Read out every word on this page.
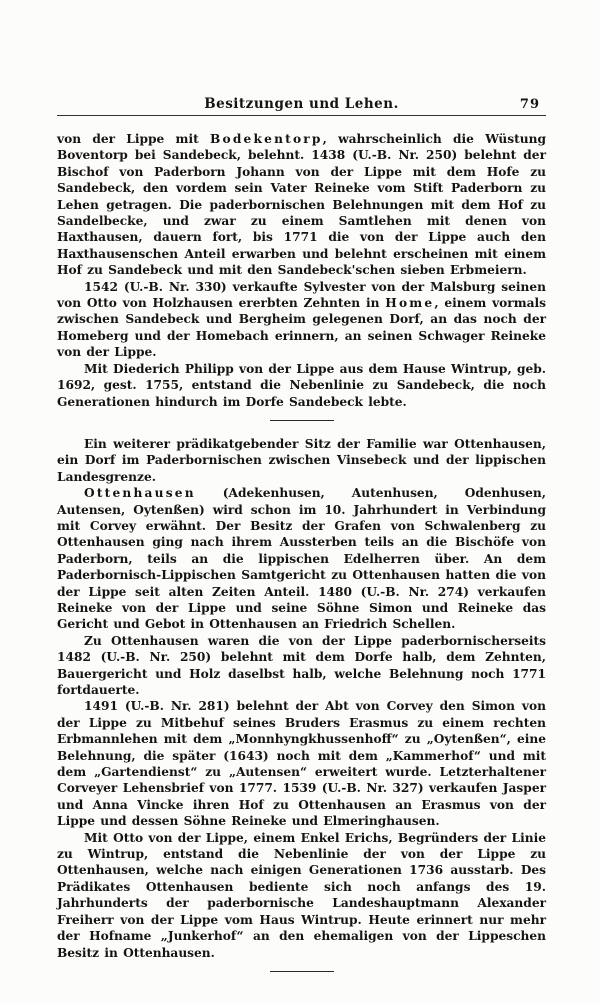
Besitzungen und Lehen.	79

von der Lippe mit Bodekentorp, wahrscheinlich die Wüstung Boventorp bei Sandebeck, belehnt. 1438 (U.-B. Nr. 250) belehnt der Bischof von Paderborn Johann von der Lippe mit dem Hofe zu Sandebeck, den vordem sein Vater Reineke vom Stift Paderborn zu Lehen getragen. Die paderbornischen Belehnungen mit dem Hof zu Sandelbecke, und zwar zu einem Samtlehen mit denen von Haxthausen, dauern fort, bis 1771 die von der Lippe auch den Haxthausenschen Anteil erwarben und belehnt erscheinen mit einem Hof zu Sandebeck und mit den Sandebeck'schen sieben Erbmeiern.

1542 (U.-B. Nr. 330) verkaufte Sylvester von der Malsburg seinen von Otto von Holzhausen ererbten Zehnten in Home, einem vormals zwischen Sandebeck und Bergheim gelegenen Dorf, an das noch der Homeberg und der Homebach erinnern, an seinen Schwager Reineke von der Lippe.

Mit Diederich Philipp von der Lippe aus dem Hause Wintrup, geb. 1692, gest. 1755, entstand die Nebenlinie zu Sandebeck, die noch Generationen hindurch im Dorfe Sandebeck lebte.

Ein weiterer prädikatgebender Sitz der Familie war Ottenhausen, ein Dorf im Paderbornischen zwischen Vinsebeck und der lippischen Landesgrenze.

Ottenhausen (Adekenhusen, Autenhusen, Odenhusen, Autensen, Oytenßen) wird schon im 10. Jahrhundert in Verbindung mit Corvey erwähnt. Der Besitz der Grafen von Schwalenberg zu Ottenhausen ging nach ihrem Aussterben teils an die Bischöfe von Paderborn, teils an die lippischen Edelherren über. An dem Paderbornisch-Lippischen Samtgericht zu Ottenhausen hatten die von der Lippe seit alten Zeiten Anteil. 1480 (U.-B. Nr. 274) verkaufen Reineke von der Lippe und seine Söhne Simon und Reineke das Gericht und Gebot in Ottenhausen an Friedrich Schellen.

Zu Ottenhausen waren die von der Lippe paderbornischerseits 1482 (U.-B. Nr. 250) belehnt mit dem Dorfe halb, dem Zehnten, Bauergericht und Holz daselbst halb, welche Belehnung noch 1771 fortdauerte.

1491 (U.-B. Nr. 281) belehnt der Abt von Corvey den Simon von der Lippe zu Mitbehuf seines Bruders Erasmus zu einem rechten Erbmannlehen mit dem „Monnhyngkhussenhoff“ zu „Oytenßen“, eine Belehnung, die später (1643) noch mit dem „Kammerhof“ und mit dem „Gartendienst“ zu „Autensen“ erweitert wurde. Letzterhaltener Corveyer Lehensbrief von 1777. 1539 (U.-B. Nr. 327) verkaufen Jasper und Anna Vincke ihren Hof zu Ottenhausen an Erasmus von der Lippe und dessen Söhne Reineke und Elmeringhausen.

Mit Otto von der Lippe, einem Enkel Erichs, Begründers der Linie zu Wintrup, entstand die Nebenlinie der von der Lippe zu Ottenhausen, welche nach einigen Generationen 1736 ausstarb. Des Prädikates Ottenhausen bediente sich noch anfangs des 19. Jahrhunderts der paderbornische Landeshauptmann Alexander Freiherr von der Lippe vom Haus Wintrup. Heute erinnert nur mehr der Hofname „Junkerhof“ an den ehemaligen von der Lippeschen Besitz in Ottenhausen.
